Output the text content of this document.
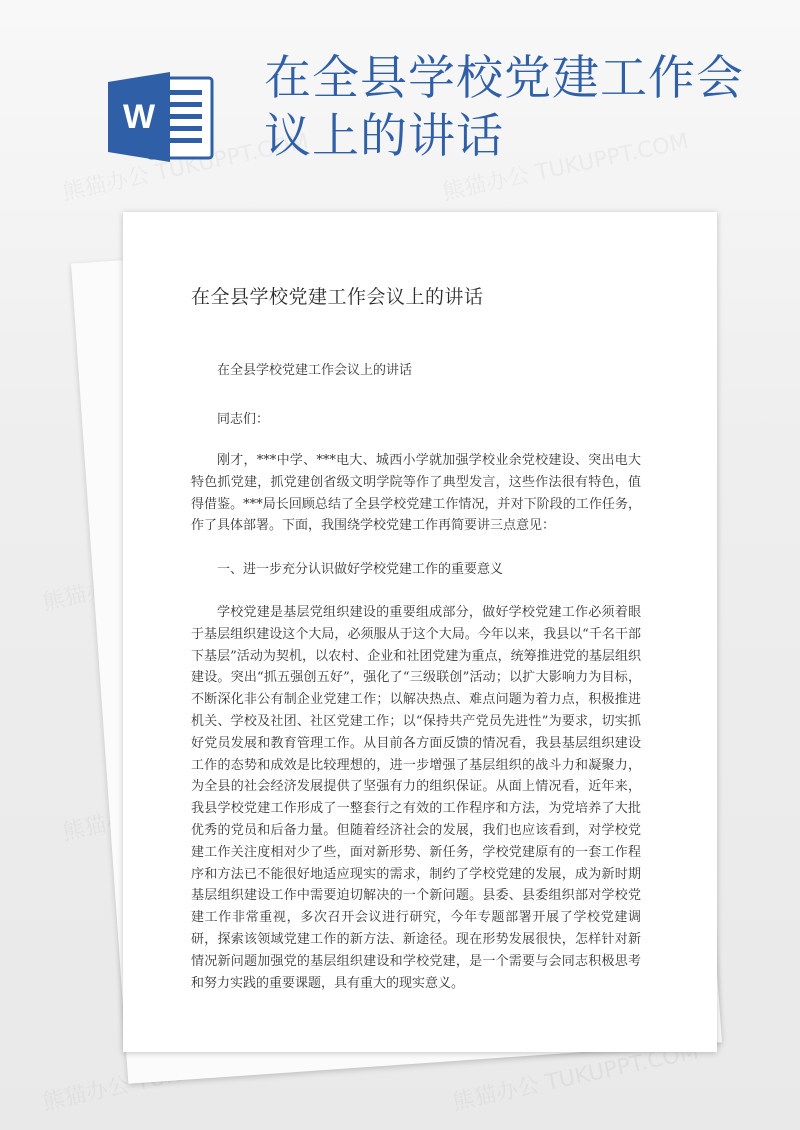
W
在全县学校党建工作会议上的讲话
在全县学校党建工作会议上的讲话
在全县学校党建工作会议上的讲话
同志们：

刚才，***中学、***电大、城西小学就加强学校业余党校建设、突出电大特色抓党建，抓党建创省级文明学院等作了典型发言，这些作法很有特色，值得借鉴。***局长回顾总结了全县学校党建工作情况，并对下阶段的工作任务，作了具体部署。下面，我围绕学校党建工作再简要讲三点意见：

一、进一步充分认识做好学校党建工作的重要意义

学校党建是基层党组织建设的重要组成部分，做好学校党建工作必须着眼于基层组织建设这个大局，必须服从于这个大局。今年以来，我县以“千名干部下基层”活动为契机，以农村、企业和社团党建为重点，统筹推进党的基层组织建设。突出“抓五强创五好”，强化了“三级联创”活动；以扩大影响力为目标，不断深化非公有制企业党建工作；以解决热点、难点问题为着力点，积极推进机关、学校及社团、社区党建工作；以“保持共产党员先进性”为要求，切实抓好党员发展和教育管理工作。从目前各方面反馈的情况看，我县基层组织建设工作的态势和成效是比较理想的，进一步增强了基层组织的战斗力和凝聚力，为全县的社会经济发展提供了坚强有力的组织保证。从面上情况看，近年来，我县学校党建工作形成了一整套行之有效的工作程序和方法，为党培养了大批优秀的党员和后备力量。但随着经济社会的发展，我们也应该看到，对学校党建工作关注度相对少了些，面对新形势、新任务，学校党建原有的一套工作程序和方法已不能很好地适应现实的需求，制约了学校党建的发展，成为新时期基层组织建设工作中需要迫切解决的一个新问题。县委、县委组织部对学校党建工作非常重视，多次召开会议进行研究，今年专题部署开展了学校党建调研，探索该领域党建工作的新方法、新途径。现在形势发展很快，怎样针对新情况新问题加强党的基层组织建设和学校党建，是一个需要与会同志积极思考和努力实践的重要课题，具有重大的现实意义。
